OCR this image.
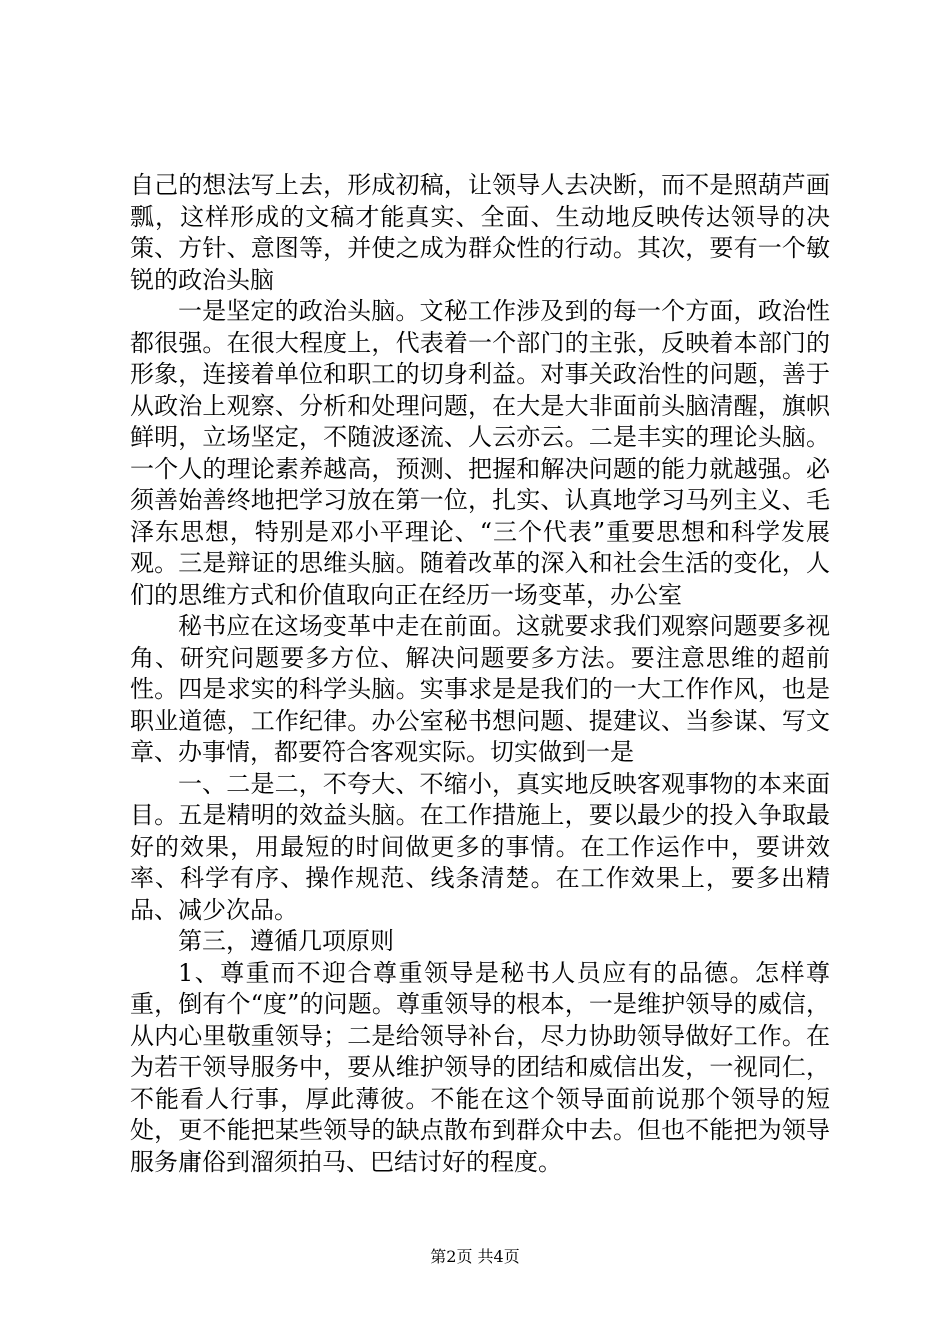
自己的想法写上去，形成初稿，让领导人去决断，而不是照葫芦画瓢，这样形成的文稿才能真实、全面、生动地反映传达领导的决策、方针、意图等，并使之成为群众性的行动。其次，要有一个敏锐的政治头脑

一是坚定的政治头脑。文秘工作涉及到的每一个方面，政治性都很强。在很大程度上，代表着一个部门的主张，反映着本部门的形象，连接着单位和职工的切身利益。对事关政治性的问题，善于从政治上观察、分析和处理问题，在大是大非面前头脑清醒，旗帜鲜明，立场坚定，不随波逐流、人云亦云。二是丰实的理论头脑。一个人的理论素养越高，预测、把握和解决问题的能力就越强。必须善始善终地把学习放在第一位，扎实、认真地学习马列主义、毛泽东思想，特别是邓小平理论、“三个代表”重要思想和科学发展观。三是辩证的思维头脑。随着改革的深入和社会生活的变化，人们的思维方式和价值取向正在经历一场变革，办公室

秘书应在这场变革中走在前面。这就要求我们观察问题要多视角、研究问题要多方位、解决问题要多方法。要注意思维的超前性。四是求实的科学头脑。实事求是是我们的一大工作作风，也是职业道德，工作纪律。办公室秘书想问题、提建议、当参谋、写文章、办事情，都要符合客观实际。切实做到一是

一、二是二，不夸大、不缩小，真实地反映客观事物的本来面目。五是精明的效益头脑。在工作措施上，要以最少的投入争取最好的效果，用最短的时间做更多的事情。在工作运作中，要讲效率、科学有序、操作规范、线条清楚。在工作效果上，要多出精品、减少次品。

第三，遵循几项原则

1、尊重而不迎合尊重领导是秘书人员应有的品德。怎样尊重，倒有个“度”的问题。尊重领导的根本，一是维护领导的威信，从内心里敬重领导；二是给领导补台，尽力协助领导做好工作。在为若干领导服务中，要从维护领导的团结和威信出发，一视同仁，不能看人行事，厚此薄彼。不能在这个领导面前说那个领导的短处，更不能把某些领导的缺点散布到群众中去。但也不能把为领导服务庸俗到溜须拍马、巴结讨好的程度。

第2页 共4页
